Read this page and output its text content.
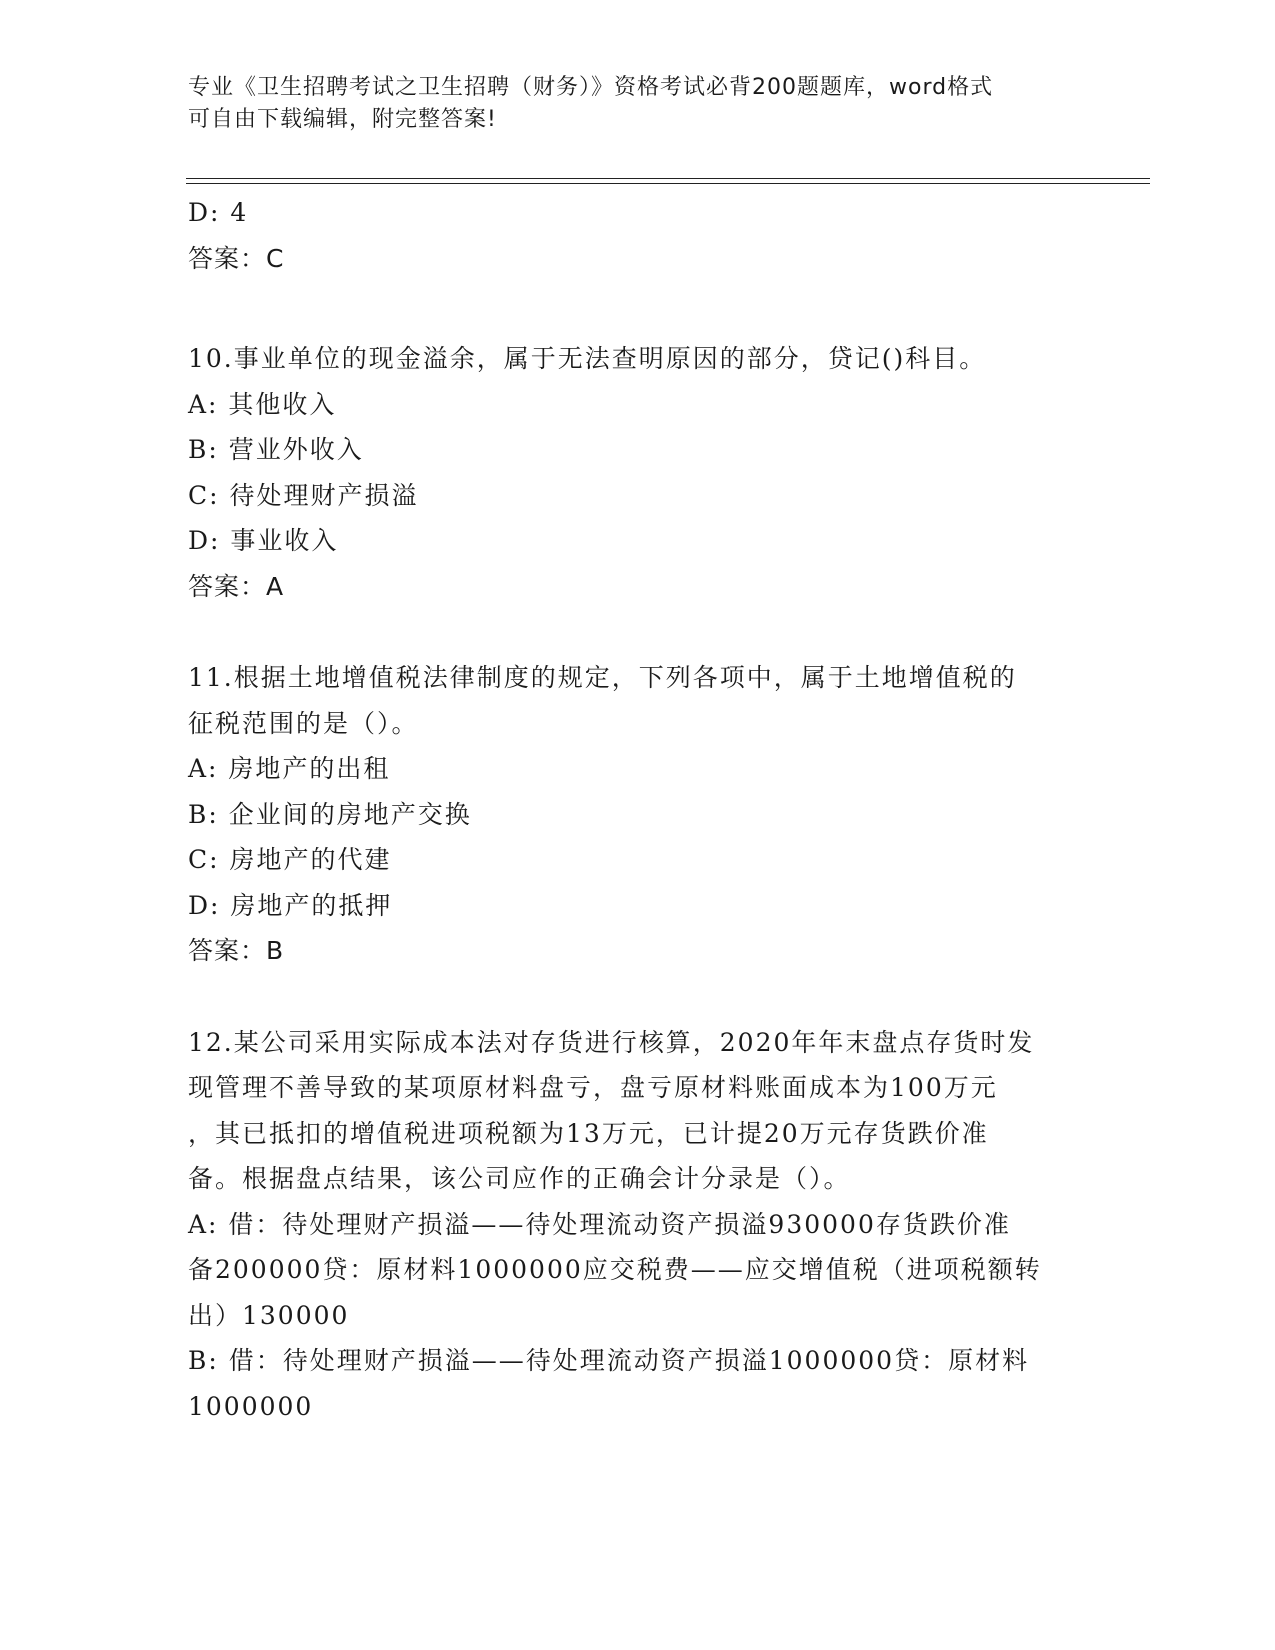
专业《卫生招聘考试之卫生招聘（财务）》资格考试必背200题题库，word格式
可自由下载编辑，附完整答案!
D: 4
答案：C
10.事业单位的现金溢余，属于无法查明原因的部分，贷记()科目。
A: 其他收入
B: 营业外收入
C: 待处理财产损溢
D: 事业收入
答案：A
11.根据土地增值税法律制度的规定，下列各项中，属于土地增值税的
征税范围的是（）。
A: 房地产的出租
B: 企业间的房地产交换
C: 房地产的代建
D: 房地产的抵押
答案：B
12.某公司采用实际成本法对存货进行核算，2020年年末盘点存货时发
现管理不善导致的某项原材料盘亏，盘亏原材料账面成本为100万元
，其已抵扣的增值税进项税额为13万元，已计提20万元存货跌价准
备。根据盘点结果，该公司应作的正确会计分录是（）。
A: 借：待处理财产损溢——待处理流动资产损溢930000存货跌价准
备200000贷：原材料1000000应交税费——应交增值税（进项税额转
出）130000
B: 借：待处理财产损溢——待处理流动资产损溢1000000贷：原材料
1000000
